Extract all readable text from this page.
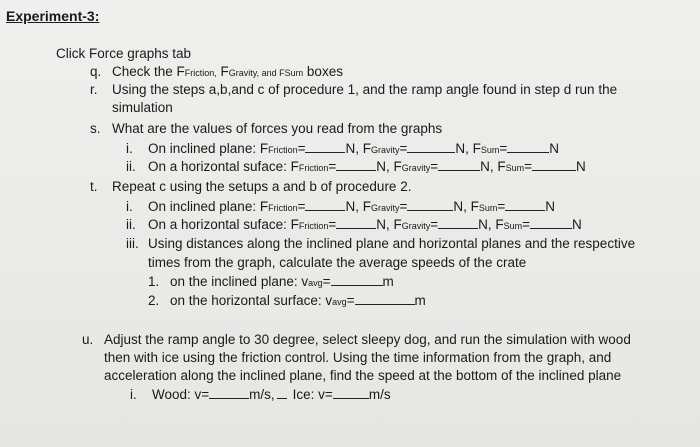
Experiment-3:
Click Force graphs tab
q. Check the FFriction, FGravity, and FSum boxes
r. Using the steps a,b,and c of procedure 1, and the ramp angle found in step d run the
simulation
s. What are the values of forces you read from the graphs
i. On inclined plane: FFriction=	N, FGravity=	N, FSum=	N
ii. On a horizontal suface: FFriction=	N, FGravity=	N, FSum=	N
t. Repeat c using the setups a and b of procedure 2.
i. On inclined plane: FFriction=	N, FGravity=	N, FSum=	N
ii. On a horizontal suface: FFriction=	N, FGravity=	N, FSum=	N
iii. Using distances along the inclined plane and horizontal planes and the respective
times from the graph, calculate the average speeds of the crate
1. on the inclined plane: vavg=	m
2. on the horizontal surface: vavg=	m
u. Adjust the ramp angle to 30 degree, select sleepy dog, and run the simulation with wood
then with ice using the friction control. Using the time information from the graph, and
acceleration along the inclined plane, find the speed at the bottom of the inclined plane
i. Wood: v=	m/s, Ice: v=	m/s
